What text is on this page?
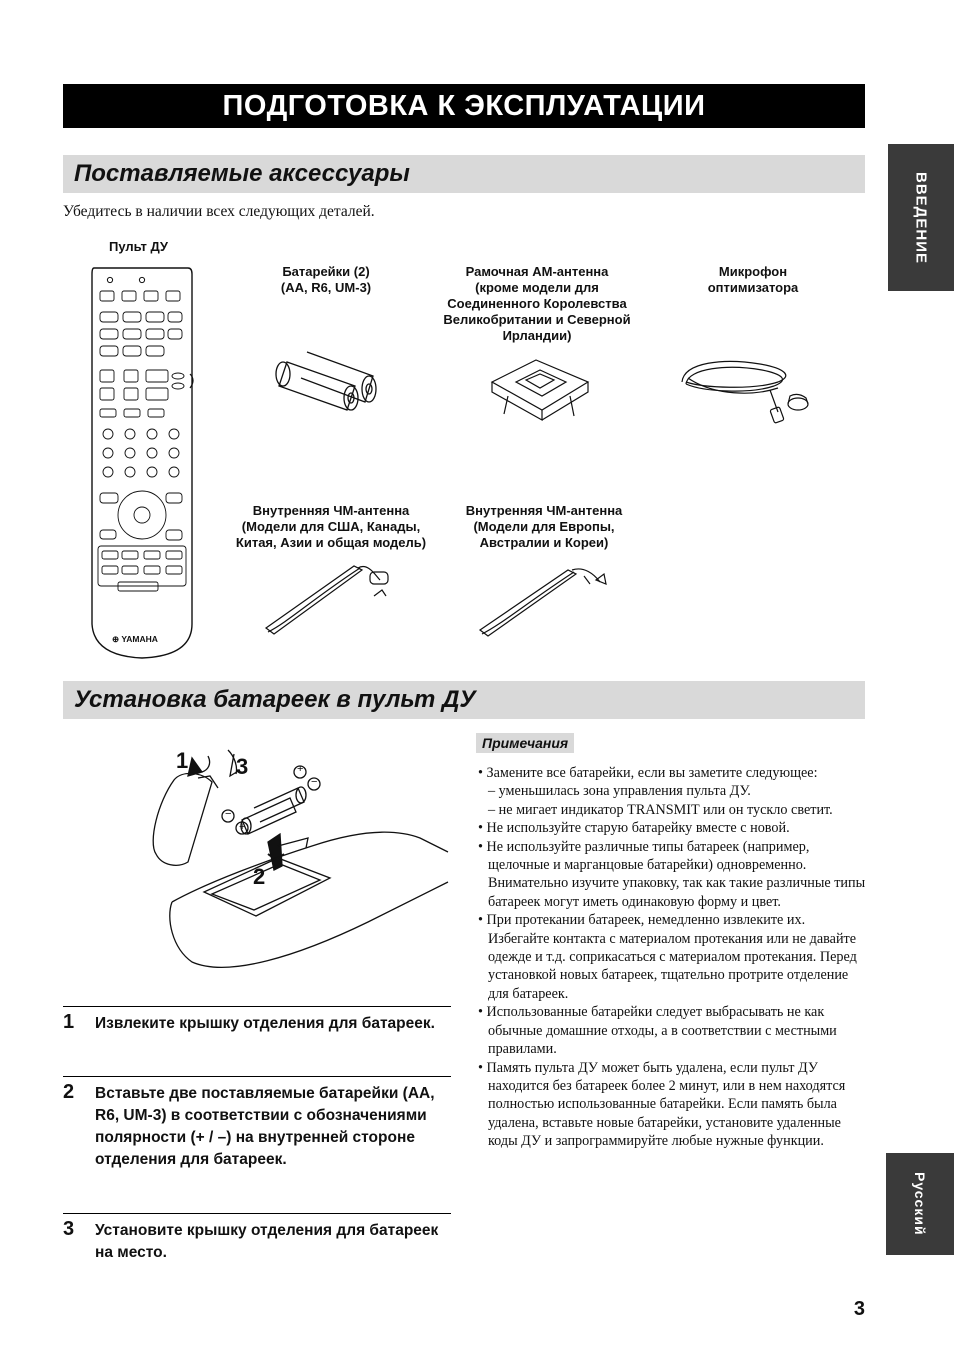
ПОДГОТОВКА К ЭКСПЛУАТАЦИИ
ВВЕДЕНИЕ
Русский
Поставляемые аксессуары
Убедитесь в наличии всех следующих деталей.
Пульт ДУ
⊕ YAMAHA
Батарейки (2)
(AA, R6, UM-3)
Рамочная AM-антенна
(кроме модели для
Соединенного Королевства
Великобритании и Северной
Ирландии)
Микрофон
оптимизатора
Внутренняя ЧМ-антенна
(Модели для США, Канады,
Китая, Азии и общая модель)
Внутренняя ЧМ-антенна
(Модели для Европы,
Австралии и Кореи)
Установка батареек в пульт ДУ
1 3
2
+
−
−
+
1 Извлеките крышку отделения для батареек.
2 Вставьте две поставляемые батарейки (AA, R6, UM-3) в соответствии с обозначениями полярности (+ / –) на внутренней стороне отделения для батареек.
3 Установите крышку отделения для батареек на место.
Примечания

• Замените все батарейки, если вы заметите следующее:

– уменьшилась зона управления пульта ДУ.

– не мигает индикатор TRANSMIT или он тускло светит.

• Не используйте старую батарейку вместе с новой.

• Не используйте различные типы батареек (например, щелочные и марганцовые батарейки) одновременно. Внимательно изучите упаковку, так как такие различные типы батареек могут иметь одинаковую форму и цвет.

• При протекании батареек, немедленно извлеките их. Избегайте контакта с материалом протекания или не давайте одежде и т.д. соприкасаться с материалом протекания. Перед установкой новых батареек, тщательно протрите отделение для батареек.

• Использованные батарейки следует выбрасывать не как обычные домашние отходы, а в соответствии с местными правилами.

• Память пульта ДУ может быть удалена, если пульт ДУ находится без батареек более 2 минут, или в нем находятся полностью использованные батарейки. Если память была удалена, вставьте новые батарейки, установите удаленные коды ДУ и запрограммируйте любые нужные функции.

3
